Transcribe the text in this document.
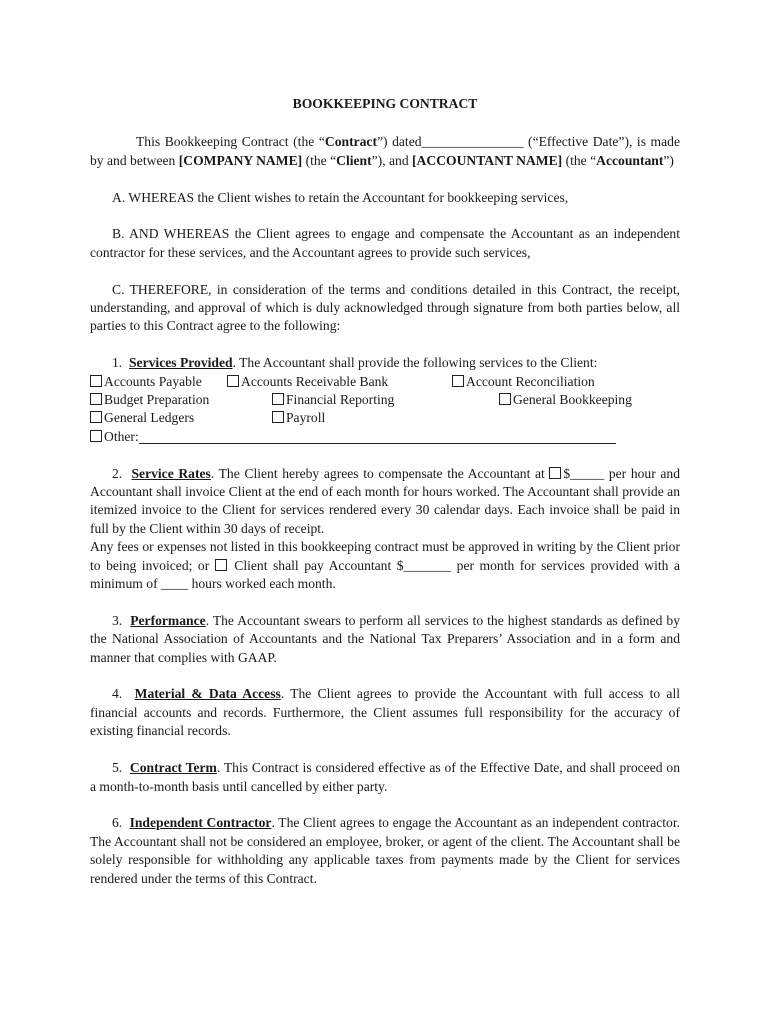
BOOKKEEPING CONTRACT

This Bookkeeping Contract (the “Contract”) dated_______________ (“Effective Date”), is made by and between [COMPANY NAME] (the “Client”), and [ACCOUNTANT NAME] (the “Accountant”)

A. WHEREAS the Client wishes to retain the Accountant for bookkeeping services,

B. AND WHEREAS the Client agrees to engage and compensate the Accountant as an independent contractor for these services, and the Accountant agrees to provide such services,

C. THEREFORE, in consideration of the terms and conditions detailed in this Contract, the receipt, understanding, and approval of which is duly acknowledged through signature from both parties below, all parties to this Contract agree to the following:

1. Services Provided. The Accountant shall provide the following services to the Client:

Accounts Payable	Accounts Receivable Bank	Account Reconciliation
Budget Preparation	Financial Reporting	General Bookkeeping
General Ledgers	Payroll
Other:

2. Service Rates. The Client hereby agrees to compensate the Accountant at $_____ per hour and Accountant shall invoice Client at the end of each month for hours worked. The Accountant shall provide an itemized invoice to the Client for services rendered every 30 calendar days. Each invoice shall be paid in full by the Client within 30 days of receipt.

Any fees or expenses not listed in this bookkeeping contract must be approved in writing by the Client prior to being invoiced; or  Client shall pay Accountant $_______ per month for services provided with a minimum of ____ hours worked each month.

3. Performance. The Accountant swears to perform all services to the highest standards as defined by the National Association of Accountants and the National Tax Preparers’ Association and in a form and manner that complies with GAAP.

4. Material & Data Access. The Client agrees to provide the Accountant with full access to all financial accounts and records. Furthermore, the Client assumes full responsibility for the accuracy of existing financial records.

5. Contract Term. This Contract is considered effective as of the Effective Date, and shall proceed on a month-to-month basis until cancelled by either party.

6. Independent Contractor. The Client agrees to engage the Accountant as an independent contractor. The Accountant shall not be considered an employee, broker, or agent of the client. The Accountant shall be solely responsible for withholding any applicable taxes from payments made by the Client for services rendered under the terms of this Contract.
